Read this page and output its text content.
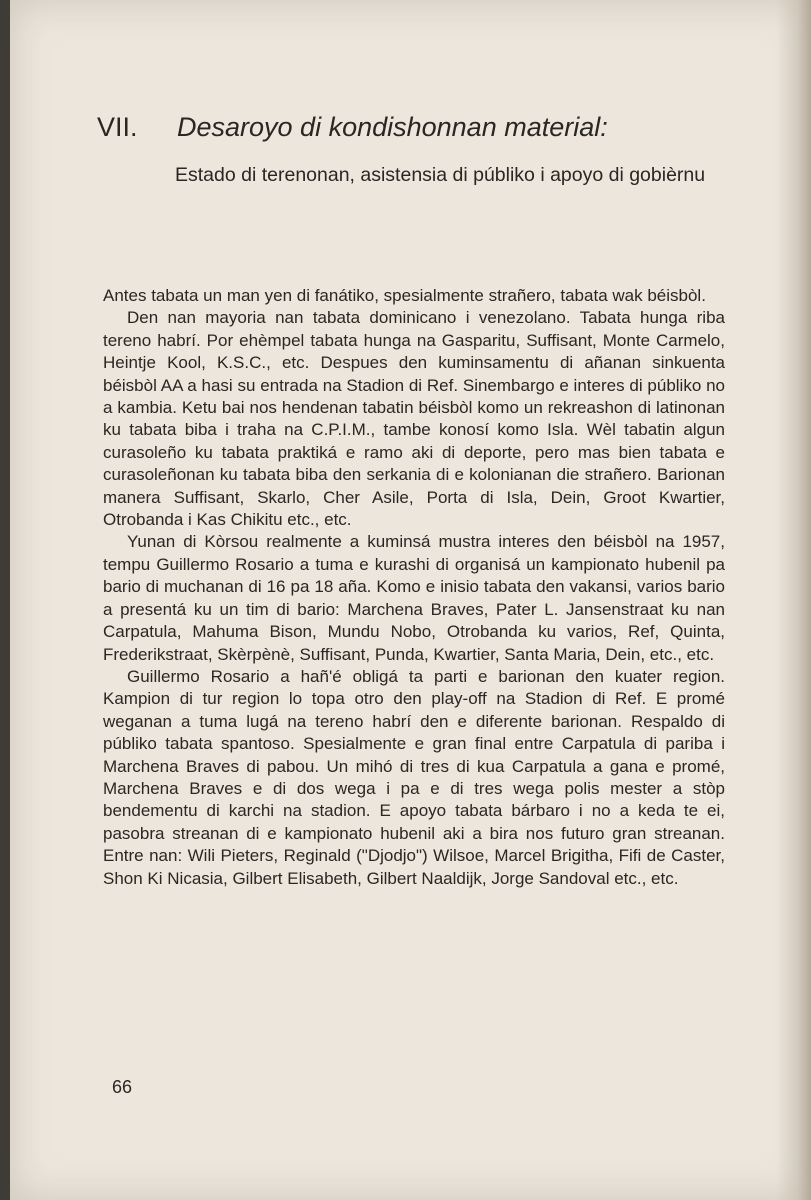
VII. Desaroyo di kondishonnan material:
Estado di terenonan, asistensia di públiko i apoyo di gobièrnu

Antes tabata un man yen di fanátiko, spesialmente strañero, tabata wak béisbòl.

Den nan mayoria nan tabata dominicano i venezolano. Tabata hunga riba tereno habrí. Por ehèmpel tabata hunga na Gasparitu, Suffisant, Monte Carmelo, Heintje Kool, K.S.C., etc. Despues den kuminsamentu di añanan sinkuenta béisbòl AA a hasi su entrada na Stadion di Ref. Sinembargo e interes di públiko no a kambia. Ketu bai nos hendenan tabatin béisbòl komo un rekreashon di latinonan ku tabata biba i traha na C.P.I.M., tambe konosí komo Isla. Wèl tabatin algun curasoleño ku tabata praktiká e ramo aki di deporte, pero mas bien tabata e curasoleñonan ku tabata biba den serkania di e kolonianan die strañero. Barionan manera Suffisant, Skarlo, Cher Asile, Porta di Isla, Dein, Groot Kwartier, Otrobanda i Kas Chikitu etc., etc.

Yunan di Kòrsou realmente a kuminsá mustra interes den béisbòl na 1957, tempu Guillermo Rosario a tuma e kurashi di organisá un kampionato hubenil pa bario di muchanan di 16 pa 18 aña. Komo e inisio tabata den vakansi, varios bario a presentá ku un tim di bario: Marchena Braves, Pater L. Jansenstraat ku nan Carpatula, Mahuma Bison, Mundu Nobo, Otrobanda ku varios, Ref, Quinta, Frederikstraat, Skèrpènè, Suffisant, Punda, Kwartier, Santa Maria, Dein, etc., etc.

Guillermo Rosario a hañ'é obligá ta parti e barionan den kuater region. Kampion di tur region lo topa otro den play-off na Stadion di Ref. E promé weganan a tuma lugá na tereno habrí den e diferente barionan. Respaldo di públiko tabata spantoso. Spesialmente e gran final entre Carpatula di pariba i Marchena Braves di pabou. Un mihó di tres di kua Carpatula a gana e promé, Marchena Braves e di dos wega i pa e di tres wega polis mester a stòp bendementu di karchi na stadion. E apoyo tabata bárbaro i no a keda te ei, pasobra streanan di e kampionato hubenil aki a bira nos futuro gran streanan. Entre nan: Wili Pieters, Reginald ("Djodjo") Wilsoe, Marcel Brigitha, Fifi de Caster, Shon Ki Nicasia, Gilbert Elisabeth, Gilbert Naaldijk, Jorge Sandoval etc., etc.

66
